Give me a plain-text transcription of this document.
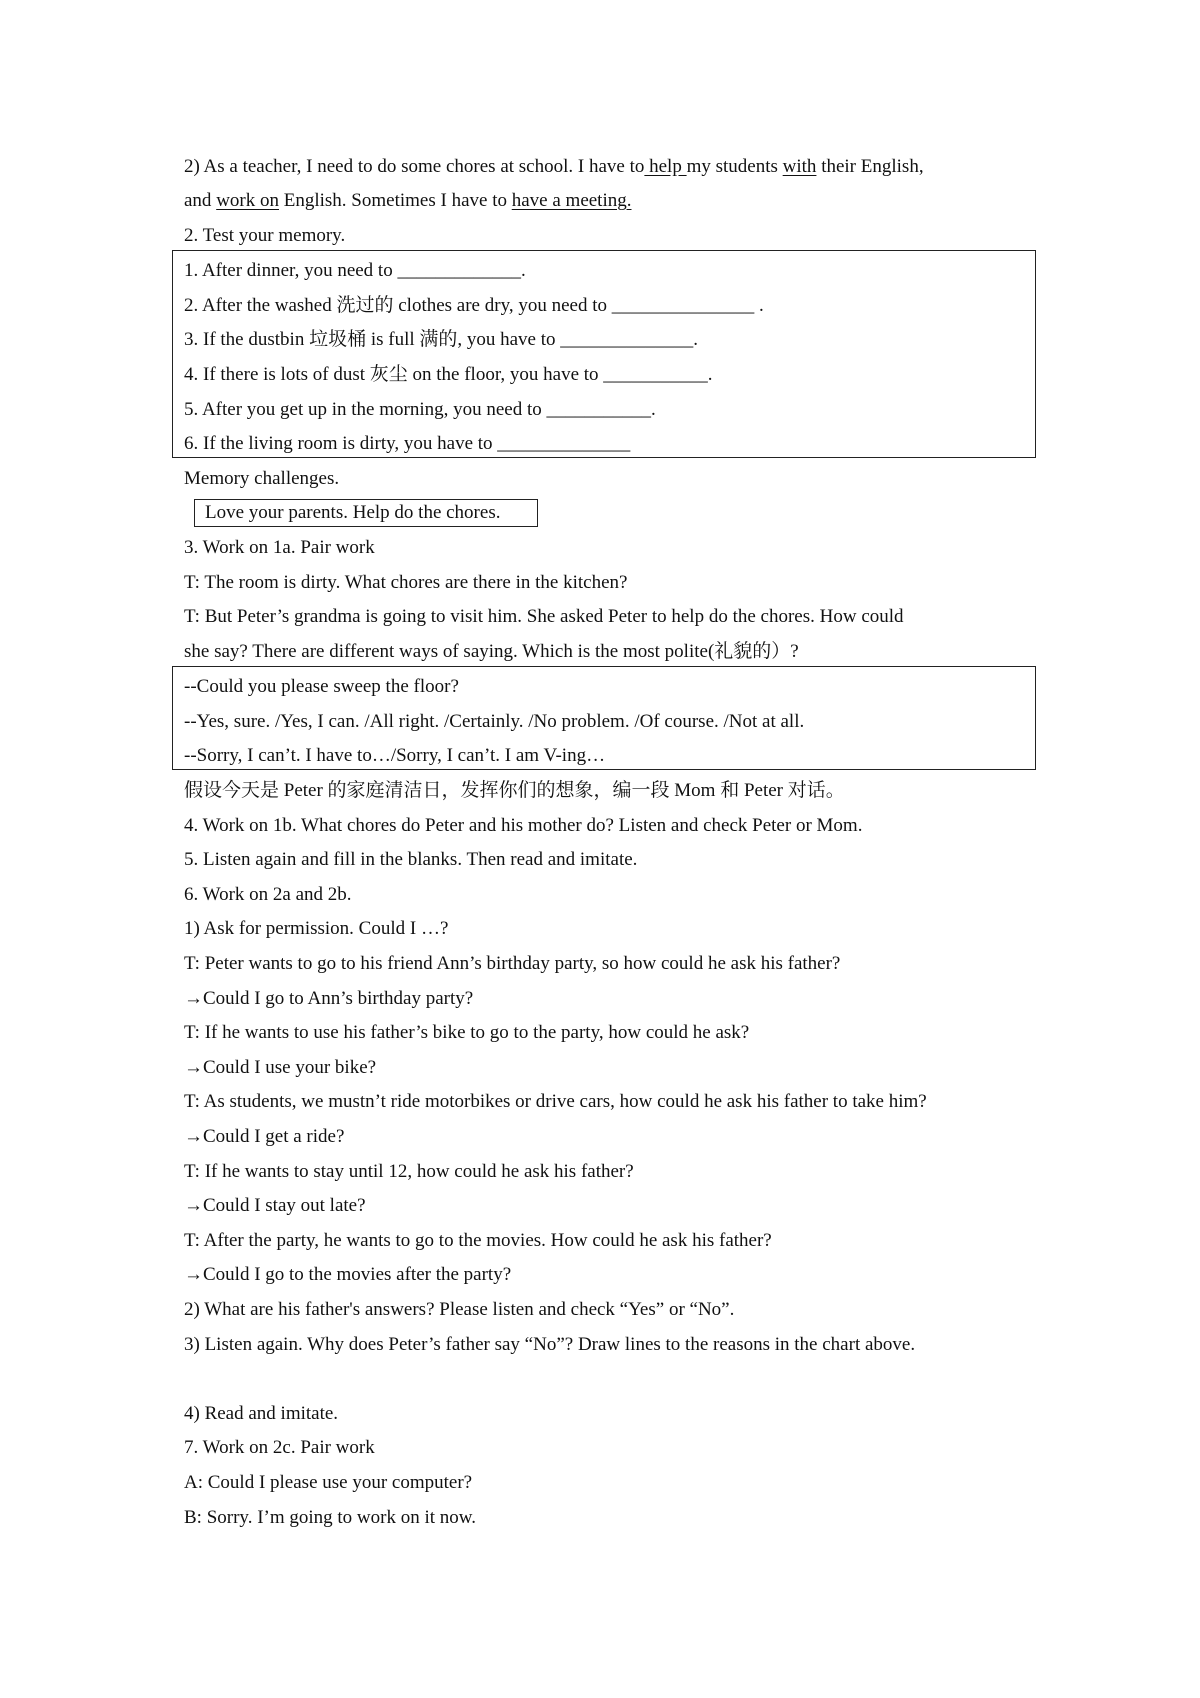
2) As a teacher, I need to do some chores at school. I have to help my students with their English,
and work on English. Sometimes I have to have a meeting.
2. Test your memory.
1. After dinner, you need to _____________.
2. After the washed 洗过的 clothes are dry, you need to _______________ .
3. If the dustbin 垃圾桶 is full 满的, you have to ______________.
4. If there is lots of dust 灰尘 on the floor, you have to ___________.
5. After you get up in the morning, you need to ___________.
6. If the living room is dirty, you have to ______________
Memory challenges.
Love your parents. Help do the chores.
3. Work on 1a. Pair work
T: The room is dirty. What chores are there in the kitchen?
T: But Peter’s grandma is going to visit him. She asked Peter to help do the chores. How could
she say? There are different ways of saying. Which is the most polite(礼貌的）?
--Could you please sweep the floor?
--Yes, sure. /Yes, I can. /All right. /Certainly. /No problem. /Of course. /Not at all.
--Sorry, I can’t. I have to…/Sorry, I can’t. I am V-ing…
假设今天是 Peter 的家庭清洁日，发挥你们的想象，编一段 Mom 和 Peter 对话。
4. Work on 1b. What chores do Peter and his mother do? Listen and check Peter or Mom.
5. Listen again and fill in the blanks. Then read and imitate.
6. Work on 2a and 2b.
1) Ask for permission. Could I …?
T: Peter wants to go to his friend Ann’s birthday party, so how could he ask his father?
→Could I go to Ann’s birthday party?
T: If he wants to use his father’s bike to go to the party, how could he ask?
→Could I use your bike?
T: As students, we mustn’t ride motorbikes or drive cars, how could he ask his father to take him?
→Could I get a ride?
T: If he wants to stay until 12, how could he ask his father?
→Could I stay out late?
T: After the party, he wants to go to the movies. How could he ask his father?
→Could I go to the movies after the party?
2) What are his father's answers? Please listen and check “Yes” or “No”.
3) Listen again. Why does Peter’s father say “No”? Draw lines to the reasons in the chart above.
4) Read and imitate.
7. Work on 2c. Pair work
A: Could I please use your computer?
B: Sorry. I’m going to work on it now.
